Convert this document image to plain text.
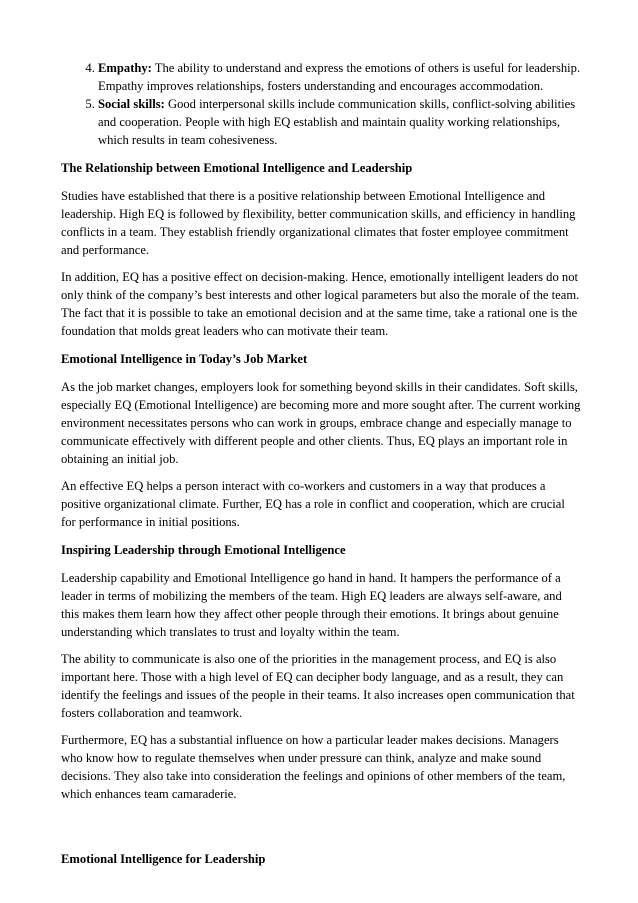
4. Empathy: The ability to understand and express the emotions of others is useful for leadership. Empathy improves relationships, fosters understanding and encourages accommodation.
5. Social skills: Good interpersonal skills include communication skills, conflict-solving abilities and cooperation. People with high EQ establish and maintain quality working relationships, which results in team cohesiveness.
The Relationship between Emotional Intelligence and Leadership

Studies have established that there is a positive relationship between Emotional Intelligence and leadership. High EQ is followed by flexibility, better communication skills, and efficiency in handling conflicts in a team. They establish friendly organizational climates that foster employee commitment and performance.

In addition, EQ has a positive effect on decision-making. Hence, emotionally intelligent leaders do not only think of the company’s best interests and other logical parameters but also the morale of the team. The fact that it is possible to take an emotional decision and at the same time, take a rational one is the foundation that molds great leaders who can motivate their team.

Emotional Intelligence in Today’s Job Market

As the job market changes, employers look for something beyond skills in their candidates. Soft skills, especially EQ (Emotional Intelligence) are becoming more and more sought after. The current working environment necessitates persons who can work in groups, embrace change and especially manage to communicate effectively with different people and other clients. Thus, EQ plays an important role in obtaining an initial job.

An effective EQ helps a person interact with co-workers and customers in a way that produces a positive organizational climate. Further, EQ has a role in conflict and cooperation, which are crucial for performance in initial positions.

Inspiring Leadership through Emotional Intelligence

Leadership capability and Emotional Intelligence go hand in hand. It hampers the performance of a leader in terms of mobilizing the members of the team. High EQ leaders are always self-aware, and this makes them learn how they affect other people through their emotions. It brings about genuine understanding which translates to trust and loyalty within the team.

The ability to communicate is also one of the priorities in the management process, and EQ is also important here. Those with a high level of EQ can decipher body language, and as a result, they can identify the feelings and issues of the people in their teams. It also increases open communication that fosters collaboration and teamwork.

Furthermore, EQ has a substantial influence on how a particular leader makes decisions. Managers who know how to regulate themselves when under pressure can think, analyze and make sound decisions. They also take into consideration the feelings and opinions of other members of the team, which enhances team camaraderie.

Emotional Intelligence for Leadership
